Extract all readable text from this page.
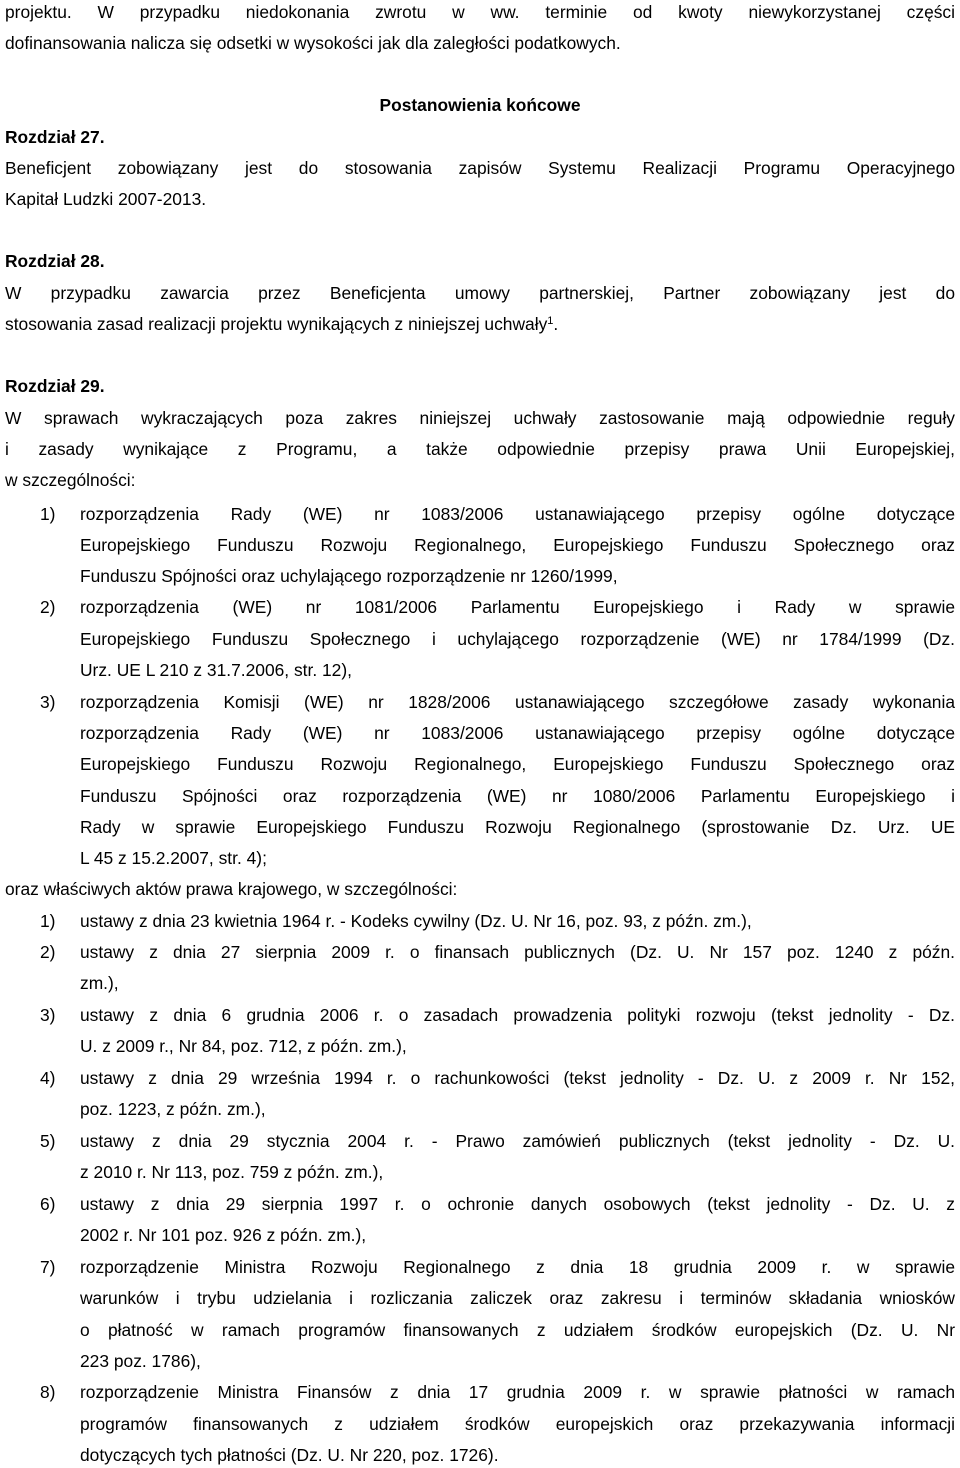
projektu. W przypadku niedokonania zwrotu w ww. terminie od kwoty niewykorzystanej części
dofinansowania nalicza się odsetki w wysokości jak dla zaległości podatkowych.
Postanowienia końcowe
Rozdział 27.
Beneficjent zobowiązany jest do stosowania zapisów Systemu Realizacji Programu Operacyjnego
Kapitał Ludzki 2007-2013.
Rozdział 28.
W przypadku zawarcia przez Beneficjenta umowy partnerskiej, Partner zobowiązany jest do
stosowania zasad realizacji projektu wynikających z niniejszej uchwały$^1$.
Rozdział 29.
W sprawach wykraczających poza zakres niniejszej uchwały zastosowanie mają odpowiednie reguły
i zasady wynikające z Programu, a także odpowiednie przepisy prawa Unii Europejskiej,
w szczególności:
1) rozporządzenia Rady (WE) nr 1083/2006 ustanawiającego przepisy ogólne dotyczące
Europejskiego Funduszu Rozwoju Regionalnego, Europejskiego Funduszu Społecznego oraz
Funduszu Spójności oraz uchylającego rozporządzenie nr 1260/1999,
2) rozporządzenia (WE) nr 1081/2006 Parlamentu Europejskiego i Rady w sprawie
Europejskiego Funduszu Społecznego i uchylającego rozporządzenie (WE) nr 1784/1999 (Dz.
Urz. UE L 210 z 31.7.2006, str. 12),
3) rozporządzenia Komisji (WE) nr 1828/2006 ustanawiającego szczegółowe zasady wykonania
rozporządzenia Rady (WE) nr 1083/2006 ustanawiającego przepisy ogólne dotyczące
Europejskiego Funduszu Rozwoju Regionalnego, Europejskiego Funduszu Społecznego oraz
Funduszu Spójności oraz rozporządzenia (WE) nr 1080/2006 Parlamentu Europejskiego i
Rady w sprawie Europejskiego Funduszu Rozwoju Regionalnego (sprostowanie Dz. Urz. UE
L 45 z 15.2.2007, str. 4);
oraz właściwych aktów prawa krajowego, w szczególności:
1) ustawy z dnia 23 kwietnia 1964 r. - Kodeks cywilny (Dz. U. Nr 16, poz. 93, z późn. zm.),
2) ustawy z dnia 27 sierpnia 2009 r. o finansach publicznych (Dz. U. Nr 157 poz. 1240 z późn.
zm.),
3) ustawy z dnia 6 grudnia 2006 r. o zasadach prowadzenia polityki rozwoju (tekst jednolity - Dz.
U. z 2009 r., Nr 84, poz. 712, z późn. zm.),
4) ustawy z dnia 29 września 1994 r. o rachunkowości (tekst jednolity - Dz. U. z 2009 r. Nr 152,
poz. 1223, z późn. zm.),
5) ustawy z dnia 29 stycznia 2004 r. - Prawo zamówień publicznych (tekst jednolity - Dz. U.
z 2010 r. Nr 113, poz. 759 z późn. zm.),
6) ustawy z dnia 29 sierpnia 1997 r. o ochronie danych osobowych (tekst jednolity - Dz. U. z
2002 r. Nr 101 poz. 926 z późn. zm.),
7) rozporządzenie Ministra Rozwoju Regionalnego z dnia 18 grudnia 2009 r. w sprawie
warunków i trybu udzielania i rozliczania zaliczek oraz zakresu i terminów składania wniosków
o płatność w ramach programów finansowanych z udziałem środków europejskich (Dz. U. Nr
223 poz. 1786),
8) rozporządzenie Ministra Finansów z dnia 17 grudnia 2009 r. w sprawie płatności w ramach
programów finansowanych z udziałem środków europejskich oraz przekazywania informacji
dotyczących tych płatności (Dz. U. Nr 220, poz. 1726).
